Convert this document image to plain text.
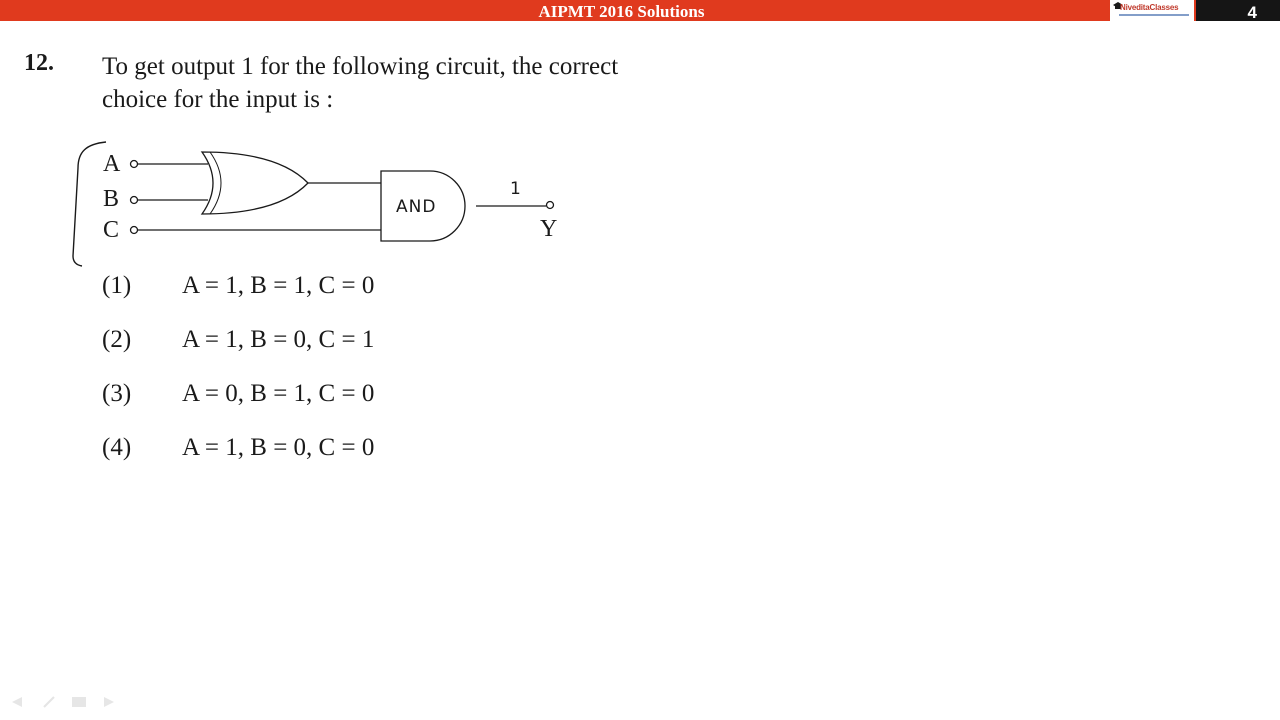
AIPMT 2016 Solutions	NiveditaClasses	4
12. To get output 1 for the following circuit, the correct
choice for the input is :
A
B
C
AND
Y
1
(1) A = 1, B = 1, C = 0
(2) A = 1, B = 0, C = 1
(3) A = 0, B = 1, C = 0
(4) A = 1, B = 0, C = 0
